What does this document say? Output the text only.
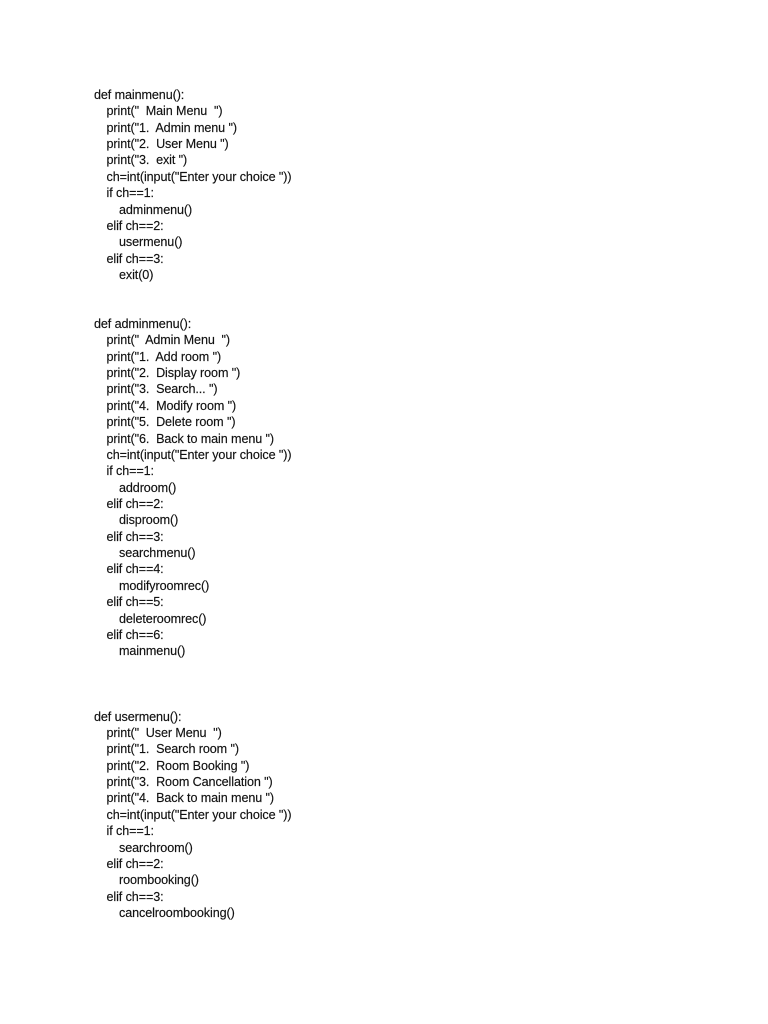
def mainmenu():
print("  Main Menu  ")
print("1.  Admin menu ")
print("2.  User Menu ")
print("3.  exit ")
ch=int(input("Enter your choice "))
if ch==1:
adminmenu()
elif ch==2:
usermenu()
elif ch==3:
exit(0)
def adminmenu():
print("  Admin Menu  ")
print("1.  Add room ")
print("2.  Display room ")
print("3.  Search... ")
print("4.  Modify room ")
print("5.  Delete room ")
print("6.  Back to main menu ")
ch=int(input("Enter your choice "))
if ch==1:
addroom()
elif ch==2:
disproom()
elif ch==3:
searchmenu()
elif ch==4:
modifyroomrec()
elif ch==5:
deleteroomrec()
elif ch==6:
mainmenu()
def usermenu():
print("  User Menu  ")
print("1.  Search room ")
print("2.  Room Booking ")
print("3.  Room Cancellation ")
print("4.  Back to main menu ")
ch=int(input("Enter your choice "))
if ch==1:
searchroom()
elif ch==2:
roombooking()
elif ch==3:
cancelroombooking()
